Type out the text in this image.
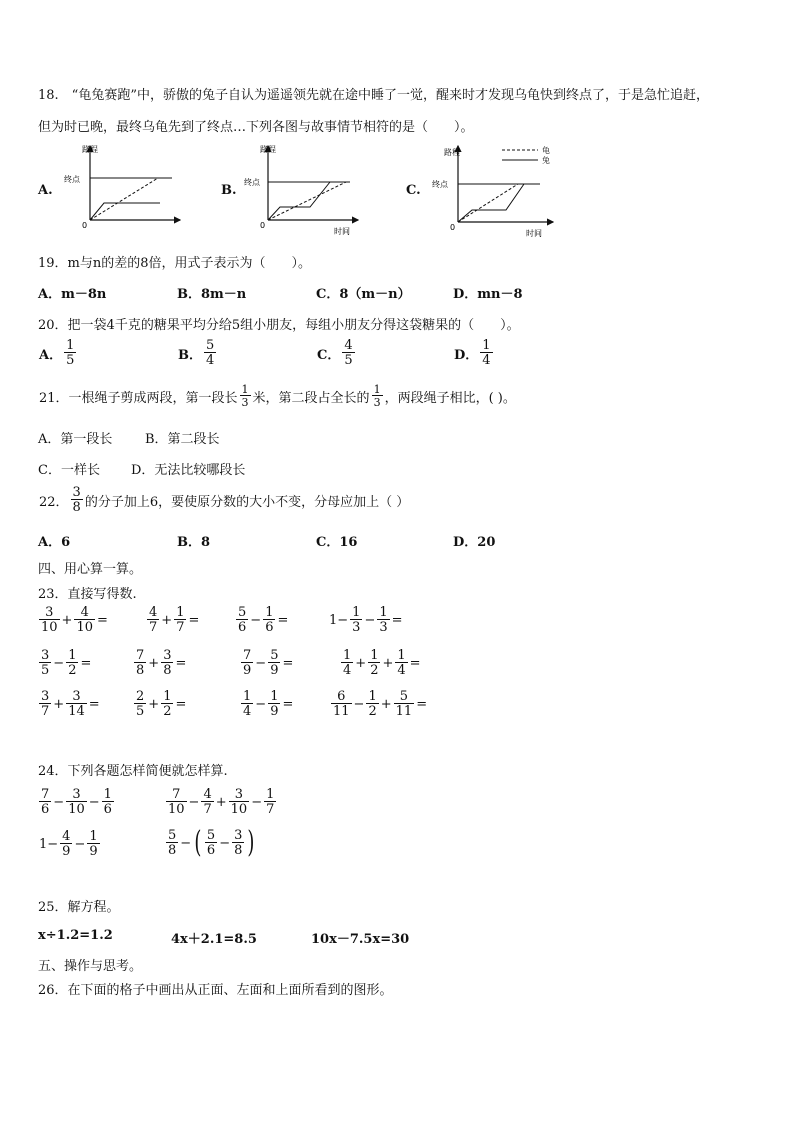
18.　“龟兔赛跑”中，骄傲的兔子自认为遥遥领先就在途中睡了一觉，醒来时才发现乌龟快到终点了，于是急忙追赶，
但为时已晚，最终乌龟先到了终点…下列各图与故事情节相符的是（　　）。
A.	B.	C.
路程
终点
0
路程
终点
0
时间
路程
终点
0
时间
龟
兔
19．m与n的差的8倍，用式子表示为（　　）。
A．m－8n	B．8m－n	C．8（m－n）	D．mn－8
20．把一袋4千克的糖果平均分给5组小朋友，每组小朋友分得这袋糖果的（　　）。
A． $\frac{1}{5}$	B． $\frac{5}{4}$	C． $\frac{4}{5}$	D． $\frac{1}{4}$
21．一根绳子剪成两段，第一段长 $\frac{1}{3}$ 米，第二段占全长的 $\frac{1}{3}$ ，两段绳子相比，( )。
A．第一段长	B．第二段长
C．一样长 D．无法比较哪段长
22． $\frac{3}{8}$ 的分子加上6，要使原分数的大小不变，分母应加上（ ）
A．6	B．8	C．16	D．20
四、用心算一算。
23．直接写得数.
$\frac{3}{10} + \frac{4}{10}$ =	$\frac{4}{7} + \frac{1}{7}$ =	$\frac{5}{6} - \frac{1}{6}$ =	$1- \frac{1}{3} - \frac{1}{3}$ =
$\frac{3}{5} - \frac{1}{2}$ =	$\frac{7}{8} + \frac{3}{8}$ =	$\frac{7}{9} - \frac{5}{9}$ =	$\frac{1}{4} + \frac{1}{2} + \frac{1}{4}$ =
$\frac{3}{7} + \frac{3}{14}$ =	$\frac{2}{5} + \frac{1}{2}$ =	$\frac{1}{4} - \frac{1}{9}$ =	$\frac{6}{11} - \frac{1}{2} + \frac{5}{11}$ =
24．下列各题怎样简便就怎样算.
$\frac{7}{6} - \frac{3}{10} - \frac{1}{6}$	$\frac{7}{10} - \frac{4}{7} + \frac{3}{10} - \frac{1}{7}$
$1- \frac{4}{9} - \frac{1}{9}$	$\frac{5}{8}$ − ( $\frac{5}{6} - \frac{3}{8}$ )
25．解方程。
x÷1.2=1.2	4x＋2.1=8.5	10x－7.5x=30
五、操作与思考。
26．在下面的格子中画出从正面、左面和上面所看到的图形。
